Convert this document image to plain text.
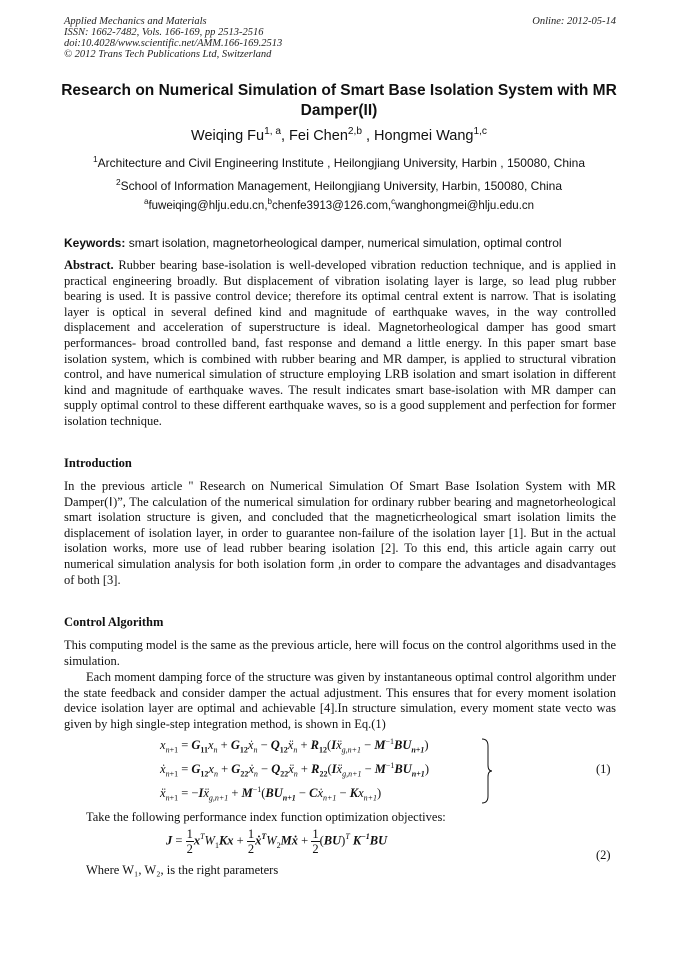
Applied Mechanics and Materials
ISSN: 1662-7482, Vols. 166-169, pp 2513-2516
doi:10.4028/www.scientific.net/AMM.166-169.2513
© 2012 Trans Tech Publications Ltd, Switzerland
Online: 2012-05-14
Research on Numerical Simulation of Smart Base Isolation System with MR Damper(II)
Weiqing Fu$^{1, a}$, Fei Chen$^{2,b}$ , Hongmei Wang$^{1,c}$
$^1$Architecture and Civil Engineering Institute , Heilongjiang University, Harbin , 150080, China
$^2$School of Information Management, Heilongjiang University, Harbin, 150080, China
$^a$fuweiqing@hlju.edu.cn,$^b$chenfe3913@126.com,$^c$wanghongmei@hlju.edu.cn
Keywords: smart isolation, magnetorheological damper, numerical simulation, optimal control
Abstract. Rubber bearing base-isolation is well-developed vibration reduction technique, and is applied in practical engineering broadly. But displacement of vibration isolating layer is large, so lead plug rubber bearing is used. It is passive control device; therefore its optimal central extent is narrow. That is isolating layer is optical in several defined kind and magnitude of earthquake waves, in the way controlled displacement and acceleration of superstructure is ideal. Magnetorheological damper has good smart performances- broad controlled band, fast response and demand a little energy. In this paper smart base isolation system, which is combined with rubber bearing and MR damper, is applied to structural vibration control, and have numerical simulation of structure employing LRB isolation and smart isolation in different kind and magnitude of earthquake waves. The result indicates smart base-isolation with MR damper can supply optimal control to these different earthquake waves, so is a good supplement and perfection for former isolation technique.
Introduction
In the previous article " Research on Numerical Simulation Of Smart Base Isolation System with MR Damper(Ⅰ)”, The calculation of the numerical simulation for ordinary rubber bearing and magnetorheological smart isolation structure is given, and concluded that the magneticrheological smart isolation limits the displacement of isolation layer, in order to guarantee non-failure of the isolation layer [1]. But in the actual isolation works, more use of lead rubber bearing isolation [2]. To this end, this article again carry out numerical simulation analysis for both isolation form ,in order to compare the advantages and disadvantages of both [3].
Control Algorithm
This computing model is the same as the previous article, here will focus on the control algorithms used in the simulation.
Each moment damping force of the structure was given by instantaneous optimal control algorithm under the state feedback and consider damper the actual adjustment. This ensures that for every moment isolation device isolation layer are optimal and achievable [4].In structure simulation, every moment state vecto was given by high single-step integration method, is shown in Eq.(1)
$x_{n+1} = G_{11}x_n$ + $G_{12}ẋ_n$ − $Q_{12}ẍ_n$ + $R_{12}(Iẍ_{g,n+1} - M^{-1}BU_{n+1})$
ẋ$_{n+1}$ = $G_{12}x_n$ + $G_{22}ẋ_n$ − $Q_{22}ẍ_n$ + $R_{22}(Iẍ_{g,n+1} - M^{-1}BU_{n+1})$
ẍ$_{n+1}$ = −Iẍ$_{g,n+1}$ + $M^{-1}(BU_{n+1}$ − Cẋ$_{n+1}$ − $Kx_{n+1}$)
(1)
Take the following performance index function optimization objectives:
$J = \frac{1}{2} x^TW_1Kx + \frac{1}{2}$ $ẋ^TW_2Mẋ + \frac{1}{2} (BU)^T$ $K^{-1}BU$
(2)
Where W₁, W₂, is the right parameters
